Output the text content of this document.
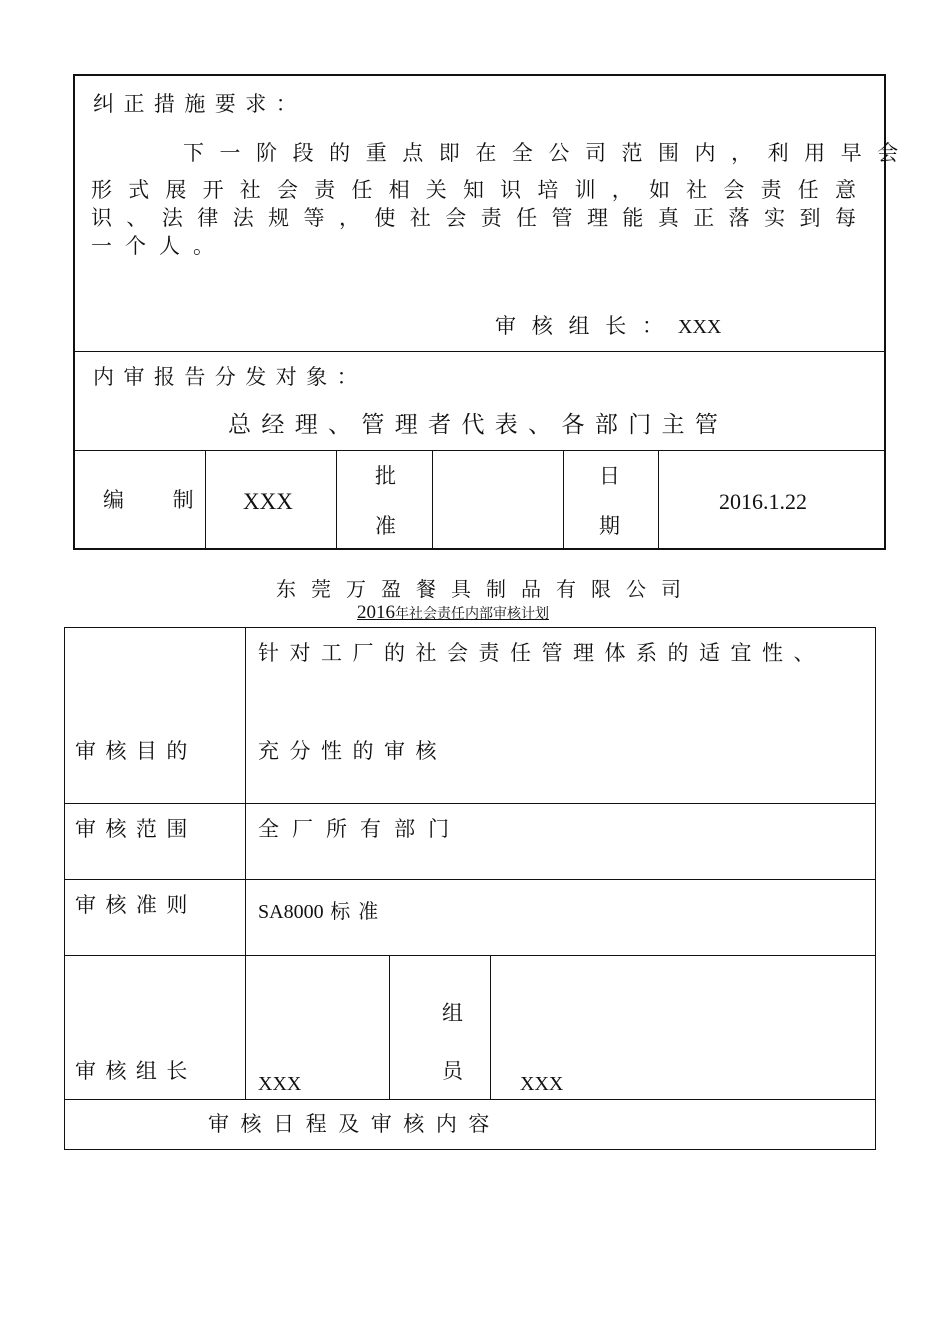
纠正措施要求：
下一阶段的重点即在全公司范围内，利用早会
形式展开社会责任相关知识培训，如社会责任意识、法律法规等，使社会责任管理能真正落实到每一个人。
审核组长： XXX
内审报告分发对象：
总经理、管理者代表、各部门主管
编 制 XXX
批
准
日
期
2016.1.22
东莞万盈餐具制品有限公司
2016年社会责任内部审核计划
审核目的
针对工厂的社会责任管理体系的适宜性、
充分性的审核
审核范围	全厂所有部门
审核准则	SA8000 标准
审核组长
XXX
组
员
XXX
审核日程及审核内容
